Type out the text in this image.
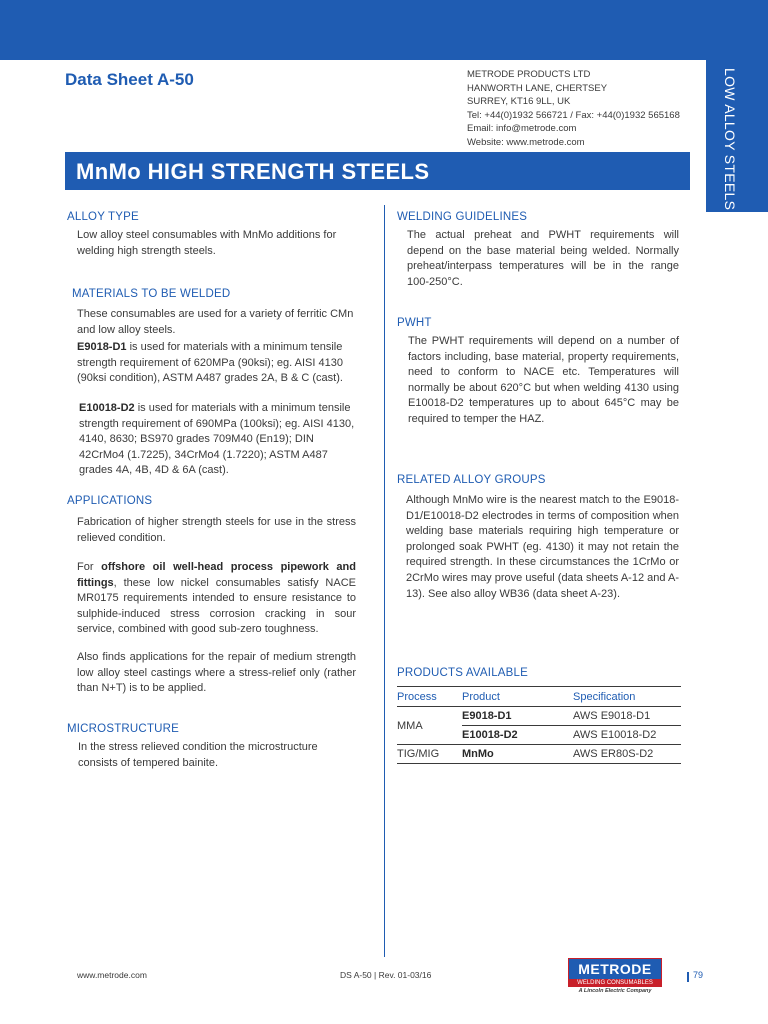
LOW ALLOY STEELS
Data Sheet A-50	METRODE PRODUCTS LTD
HANWORTH LANE, CHERTSEY
SURREY, KT16 9LL, UK
Tel: +44(0)1932 566721 / Fax: +44(0)1932 565168
Email: info@metrode.com
Website: www.metrode.com
MnMo HIGH STRENGTH STEELS
ALLOY TYPE
Low alloy steel consumables with MnMo additions for welding high strength steels.
MATERIALS TO BE WELDED
These consumables are used for a variety of ferritic CMn and low alloy steels.
E9018-D1 is used for materials with a minimum tensile strength requirement of 620MPa (90ksi); eg. AISI 4130 (90ksi condition), ASTM A487 grades 2A, B & C (cast).
E10018-D2 is used for materials with a minimum tensile strength requirement of 690MPa (100ksi); eg. AISI 4130, 4140, 8630; BS970 grades 709M40 (En19); DIN 42CrMo4 (1.7225), 34CrMo4 (1.7220); ASTM A487 grades 4A, 4B, 4D & 6A (cast).
APPLICATIONS
Fabrication of higher strength steels for use in the stress relieved condition.
For offshore oil well-head process pipework and fittings, these low nickel consumables satisfy NACE MR0175 requirements intended to ensure resistance to sulphide-induced stress corrosion cracking in sour service, combined with good sub-zero toughness.
Also finds applications for the repair of medium strength low alloy steel castings where a stress-relief only (rather than N+T) is to be applied.
MICROSTRUCTURE
In the stress relieved condition the microstructure consists of tempered bainite.
WELDING GUIDELINES
The actual preheat and PWHT requirements will depend on the base material being welded. Normally preheat/interpass temperatures will be in the range 100-250°C.
PWHT
The PWHT requirements will depend on a number of factors including, base material, property requirements, need to conform to NACE etc. Temperatures will normally be about 620°C but when welding 4130 using E10018-D2 temperatures up to about 645°C may be required to temper the HAZ.
RELATED ALLOY GROUPS
Although MnMo wire is the nearest match to the E9018-D1/E10018-D2 electrodes in terms of composition when welding base materials requiring high temperature or prolonged soak PWHT (eg. 4130) it may not retain the required strength. In these circumstances the 1CrMo or 2CrMo wires may prove useful (data sheets A-12 and A-13). See also alloy WB36 (data sheet A-23).
PRODUCTS AVAILABLE
Process	Product	Specification
MMA	E9018-D1	AWS E9018-D1
	E10018-D2	AWS E10018-D2
TIG/MIG	MnMo	AWS ER80S-D2
www.metrode.com	DS A-50 | Rev. 01-03/16	METRODE
WELDING CONSUMABLES
A Lincoln Electric Company
79
